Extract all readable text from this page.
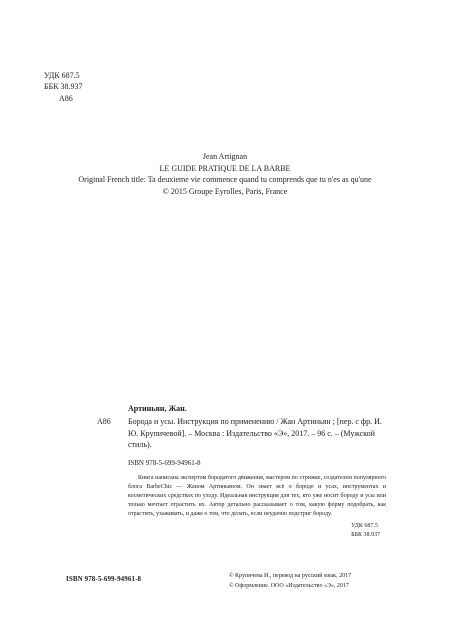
УДК 687.5
ББК 38.937
А86
Jean Artignan
LE GUIDE PRATIQUE DE LA BARBE
Original French title: Ta deuxieme vie commence quand tu comprends que tu n'es as qu'une
© 2015 Groupe Eyrolles, Paris, France
Артиньян, Жан.
А86 Борода и усы. Инструкция по применению / Жан Артиньян ; [пер. с фр. И. Ю. Крупичевой]. – Москва : Издательство «Э», 2017. – 96 с. – (Мужской стиль).
ISBN 978-5-699-94961-8
Книга написана экспертом бородатого движения, мастером по стрижке, создателем популярного блога BarbeChic — Жаном Артиньяном. Он знает всё о бороде и усах, инструментах и косметических средствах по уходу. Идеальная инструкция для тех, кто уже носит бороду и усы или только мечтает отрастить их. Автор детально рассказывает о том, какую форму подобрать, как отрастить, ухаживать, и даже о том, что делать, если неудачно подстриг бороду.
УДК 687.5
ББК 38.937
ISBN 978-5-699-94961-8	© Крупичева И., перевод на русский язык, 2017
© Оформление. ООО «Издательство «Э», 2017
